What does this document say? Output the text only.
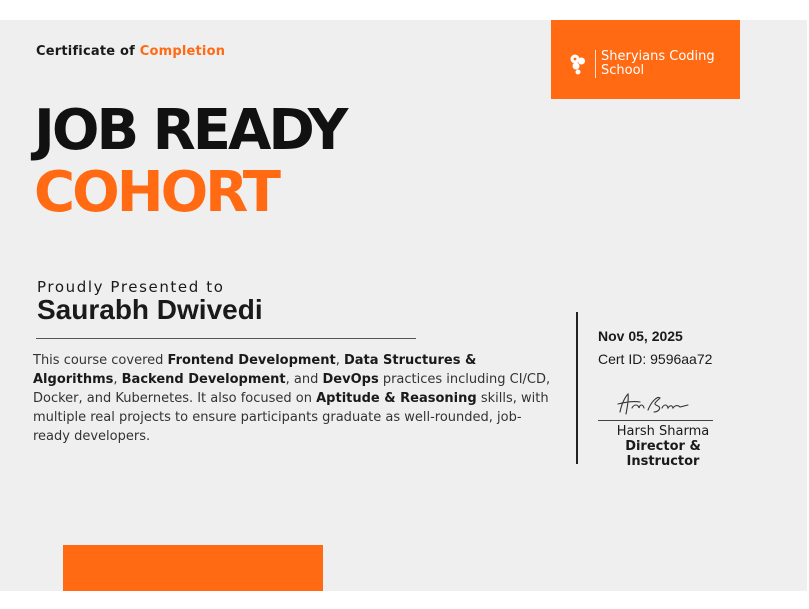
Certificate of Completion	Sheryians Coding
School
JOB READY
COHORT
Proudly Presented to
Saurabh Dwivedi
This course covered Frontend Development, Data Structures & Algorithms, Backend Development, and DevOps practices including CI/CD, Docker, and Kubernetes. It also focused on Aptitude & Reasoning skills, with multiple real projects to ensure participants graduate as well-rounded, job-ready developers.
Nov 05, 2025
Cert ID: 9596aa72
Harsh Sharma
Director & Instructor
